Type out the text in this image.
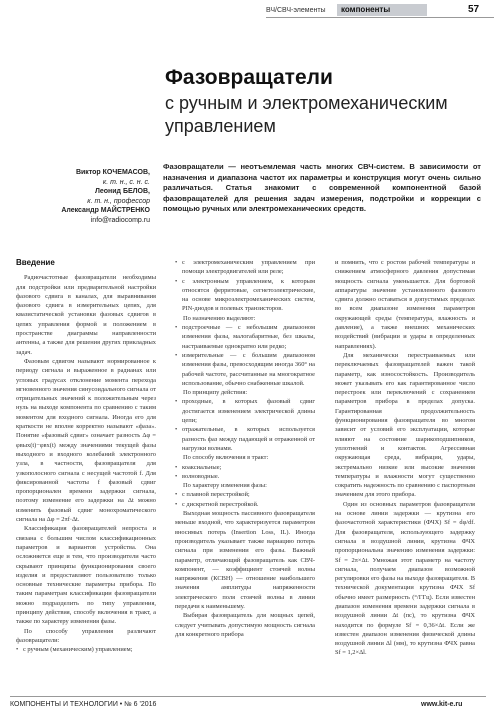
ВЧ/СВЧ-элементы компоненты	57
Фазовращатели
с ручным и электромеханическим управлением
Виктор КОЧЕМАСОВ,
к. т. н., с. н. с.
Леонид БЕЛОВ,
к. т. н., профессор
Александр МАЙСТРЕНКО
info@radiocomp.ru
Фазовращатели — неотъемлемая часть многих СВЧ-систем. В зависимости от назначения и диапазона частот их параметры и конструкция могут очень сильно различаться. Статья знакомит с современной компонентной базой фазовращателей для решения задач измерения, подстройки и коррекции с помощью ручных или электромеханических средств.
Введение

Радиочастотные фазовращатели необходимы для подстройки или предварительной настройки фазового сдвига в каналах, для выравнивания фазового сдвига в измерительных цепях, для квазистатической установки фазовых сдвигов в цепях управления формой и положением в пространстве диаграммы направленности антенны, а также для решения других прикладных задач.

Фазовым сдвигом называют нормированное к периоду сигнала и выраженное в радианах или угловых градусах отклонение момента перехода мгновенного значения синусоидального сигнала от отрицательных значений к положительным через нуль на выходе компонента по сравнению с таким моментом для входного сигнала. Иногда его для краткости не вполне корректно называют «фаза». Понятие «фазовый сдвиг» означает разность Δφ = φвых(t)−φвх(t) между значениями текущей фазы выходного и входного колебаний электронного узла, в частности, фазовращателя для узкополосного сигнала с несущей частотой f. Для фиксированной частоты f фазовый сдвиг пропорционален времени задержки сигнала, поэтому изменение его задержки на Δt можно изменить фазовый сдвиг монохроматического сигнала на Δφ = 2πf·Δt.

Классификация фазовращателей непроста и связана с большим числом классификационных параметров и вариантов устройства. Она осложняется еще и тем, что производители часто скрывают принципы функционирования своего изделия и предоставляют пользователю только основные технические параметры прибора. По таким параметрам классификации фазовращатели можно подразделить по типу управления, принципу действия, способу включения в тракт, а также по характеру изменения фазы.

По способу управления различают фазовращатели:

• с ручным (механическим) управлением;
• с электромеханическим управлением при помощи электродвигателей или реле;
• с электронным управлением, к которым относятся ферритовые, сегнетоэлектрические, на основе микроэлектромеханических систем, PIN-диодов и полевых транзисторов.

По назначению выделяют:

• подстроечные — с небольшим диапазоном изменения фазы, малогабаритные, без шкалы, настраиваемые однократно или редко;
• измерительные — с большим диапазоном изменения фазы, превосходящим иногда 360° на рабочей частоте, рассчитанные на многократное использование, обычно снабженные шкалой.

По принципу действия:

• проходные, в которых фазовый сдвиг достигается изменением электрической длины цепи;
• отражательные, в которых используется разность фаз между падающей и отраженной от нагрузки волнами.

По способу включения в тракт:

• коаксиальные;
• волноводные.

По характеру изменения фазы:

• с плавной перестройкой;
• с дискретной перестройкой.

Выходная мощность пассивного фазовращателя меньше входной, что характеризуется параметром вносимых потерь (Insertion Loss, IL). Иногда производитель указывает также вариацию потерь сигнала при изменении его фазы. Важный параметр, отличающий фазовращатель как СВЧ-компонент, — коэффициент стоячей волны напряжения (КСВН) — отношение наибольшего значения амплитуды напряженности электрического поля стоячей волны в линии передачи к наименьшему.

Выбирая фазовращатель для мощных цепей, следует учитывать допустимую мощность сигнала для конкретного прибора

и помнить, что с ростом рабочей температуры и снижением атмосферного давления допустимая мощность сигнала уменьшается. Для бортовой аппаратуры значение установленного фазового сдвига должно оставаться в допустимых пределах во всем диапазоне изменения параметров окружающей среды (температура, влажность и давление), а также внешних механических воздействий (вибрации и удары в определенных направлениях).

Для механически перестраиваемых или переключаемых фазовращателей важен такой параметр, как износостойкость. Производитель может указывать его как гарантированное число перестроек или переключений с сохранением параметров прибора в пределах допуска. Гарантированная продолжительность функционирования фазовращателя во многом зависит от условий его эксплуатации, которые влияют на состояние шарикоподшипников, уплотнений и контактов. Агрессивная окружающая среда, вибрации, удары, экстремально низкие или высокие значения температуры и влажности могут существенно сократить надежность по сравнению с паспортным значением для этого прибора.

Один из основных параметров фазовращателя на основе линии задержки — крутизна его фазочастотной характеристики (ФЧХ) Sf = dφ/df. Для фазовращателя, использующего задержку сигнала в воздушной линии, крутизна ФЧХ пропорциональна значению изменения задержки: Sf = 2π×Δt. Умножая этот параметр на частоту сигнала, получаем диапазон возможной регулировки его фазы на выходе фазовращателя. В технической документации крутизна ФЧХ Sf обычно имеет размерность (°/ГГц). Если известен диапазон изменения времени задержки сигнала в воздушной линии Δt (пс), то крутизна ФЧХ находится по формуле Sf = 0,36×Δt. Если же известен диапазон изменения физической длины воздушной линии Δl (мм), то крутизна ФЧХ равна Sf = 1,2×Δl.

КОМПОНЕНТЫ И ТЕХНОЛОГИИ • № 6 '2016	www.kit-e.ru
